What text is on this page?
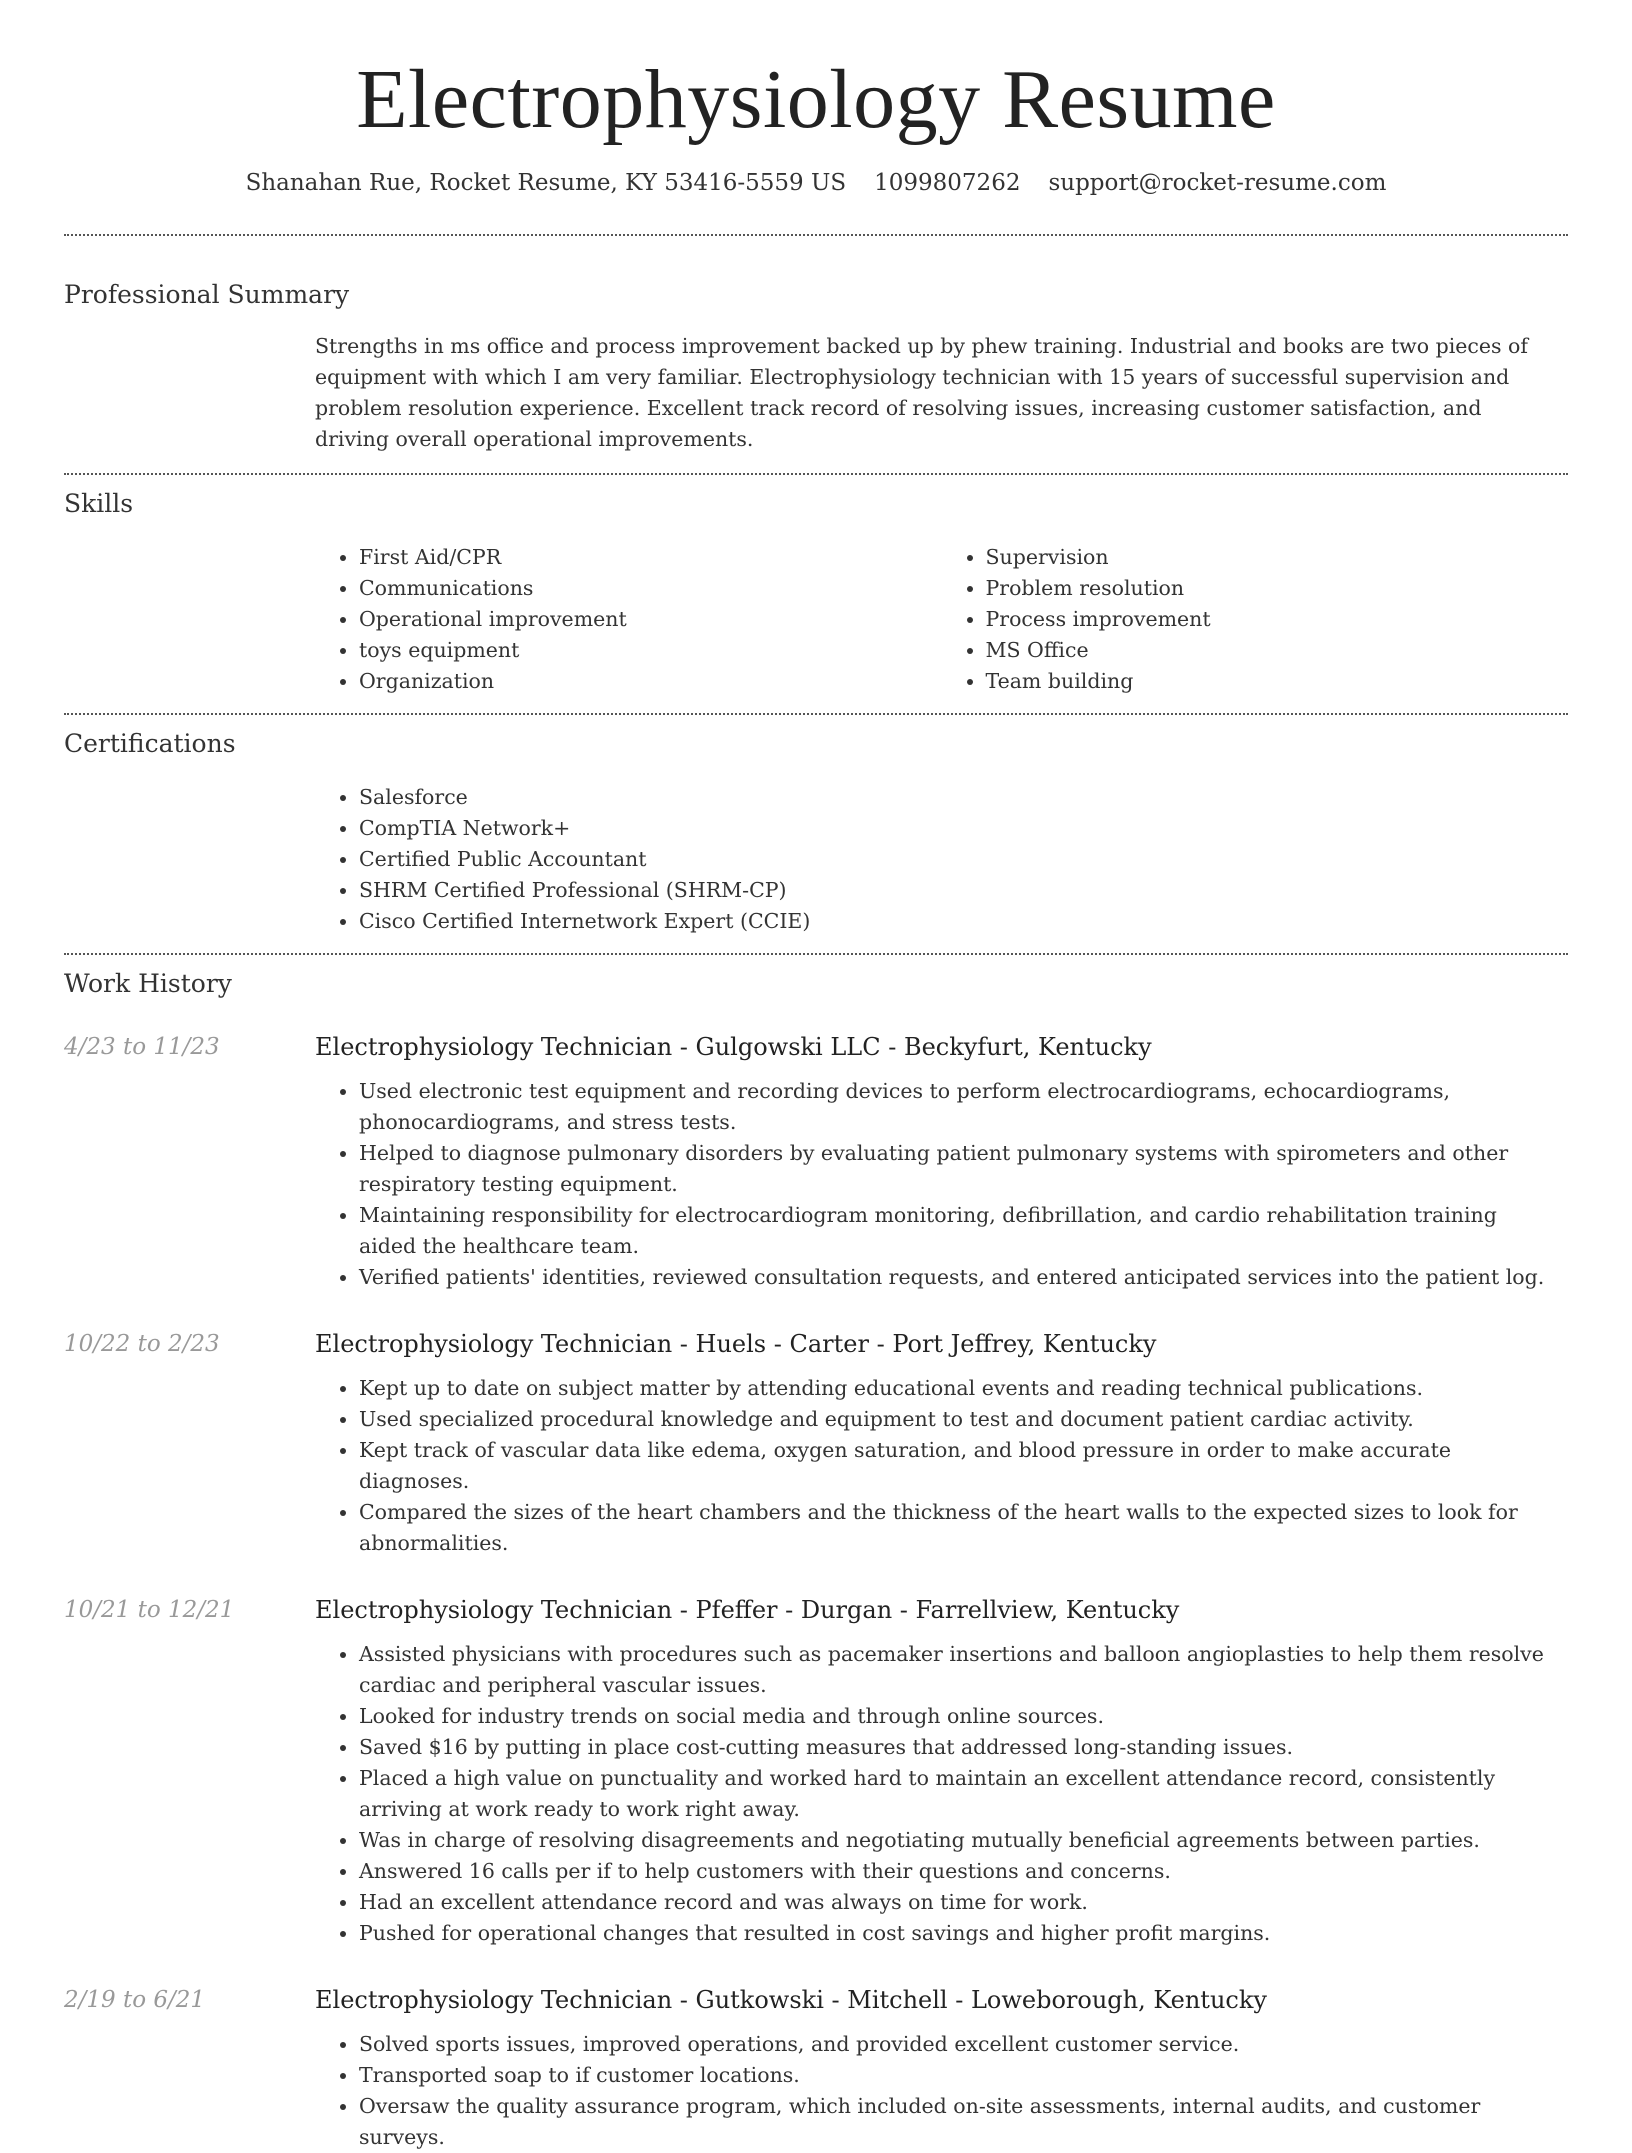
Electrophysiology Resume
Shanahan Rue, Rocket Resume, KY 53416-5559 US 1099807262 support@rocket-resume.com
Professional Summary
Strengths in ms office and process improvement backed up by phew training. Industrial and books are two pieces of equipment with which I am very familiar. Electrophysiology technician with 15 years of successful supervision and problem resolution experience. Excellent track record of resolving issues, increasing customer satisfaction, and driving overall operational improvements.
Skills
• First Aid/CPR
• Communications
• Operational improvement
• toys equipment
• Organization
• Supervision
• Problem resolution
• Process improvement
• MS Office
• Team building
Certifications
• Salesforce
• CompTIA Network+
• Certified Public Accountant
• SHRM Certified Professional (SHRM-CP)
• Cisco Certified Internetwork Expert (CCIE)
Work History
4/23 to 11/23	Electrophysiology Technician - Gulgowski LLC - Beckyfurt, Kentucky
• Used electronic test equipment and recording devices to perform electrocardiograms, echocardiograms, phonocardiograms, and stress tests.
• Helped to diagnose pulmonary disorders by evaluating patient pulmonary systems with spirometers and other respiratory testing equipment.
• Maintaining responsibility for electrocardiogram monitoring, defibrillation, and cardio rehabilitation training aided the healthcare team.
• Verified patients' identities, reviewed consultation requests, and entered anticipated services into the patient log.
10/22 to 2/23	Electrophysiology Technician - Huels - Carter - Port Jeffrey, Kentucky
• Kept up to date on subject matter by attending educational events and reading technical publications.
• Used specialized procedural knowledge and equipment to test and document patient cardiac activity.
• Kept track of vascular data like edema, oxygen saturation, and blood pressure in order to make accurate diagnoses.
• Compared the sizes of the heart chambers and the thickness of the heart walls to the expected sizes to look for abnormalities.
10/21 to 12/21	Electrophysiology Technician - Pfeffer - Durgan - Farrellview, Kentucky
• Assisted physicians with procedures such as pacemaker insertions and balloon angioplasties to help them resolve cardiac and peripheral vascular issues.
• Looked for industry trends on social media and through online sources.
• Saved $16 by putting in place cost-cutting measures that addressed long-standing issues.
• Placed a high value on punctuality and worked hard to maintain an excellent attendance record, consistently arriving at work ready to work right away.
• Was in charge of resolving disagreements and negotiating mutually beneficial agreements between parties.
• Answered 16 calls per if to help customers with their questions and concerns.
• Had an excellent attendance record and was always on time for work.
• Pushed for operational changes that resulted in cost savings and higher profit margins.
2/19 to 6/21	Electrophysiology Technician - Gutkowski - Mitchell - Loweborough, Kentucky
• Solved sports issues, improved operations, and provided excellent customer service.
• Transported soap to if customer locations.
• Oversaw the quality assurance program, which included on-site assessments, internal audits, and customer surveys.
